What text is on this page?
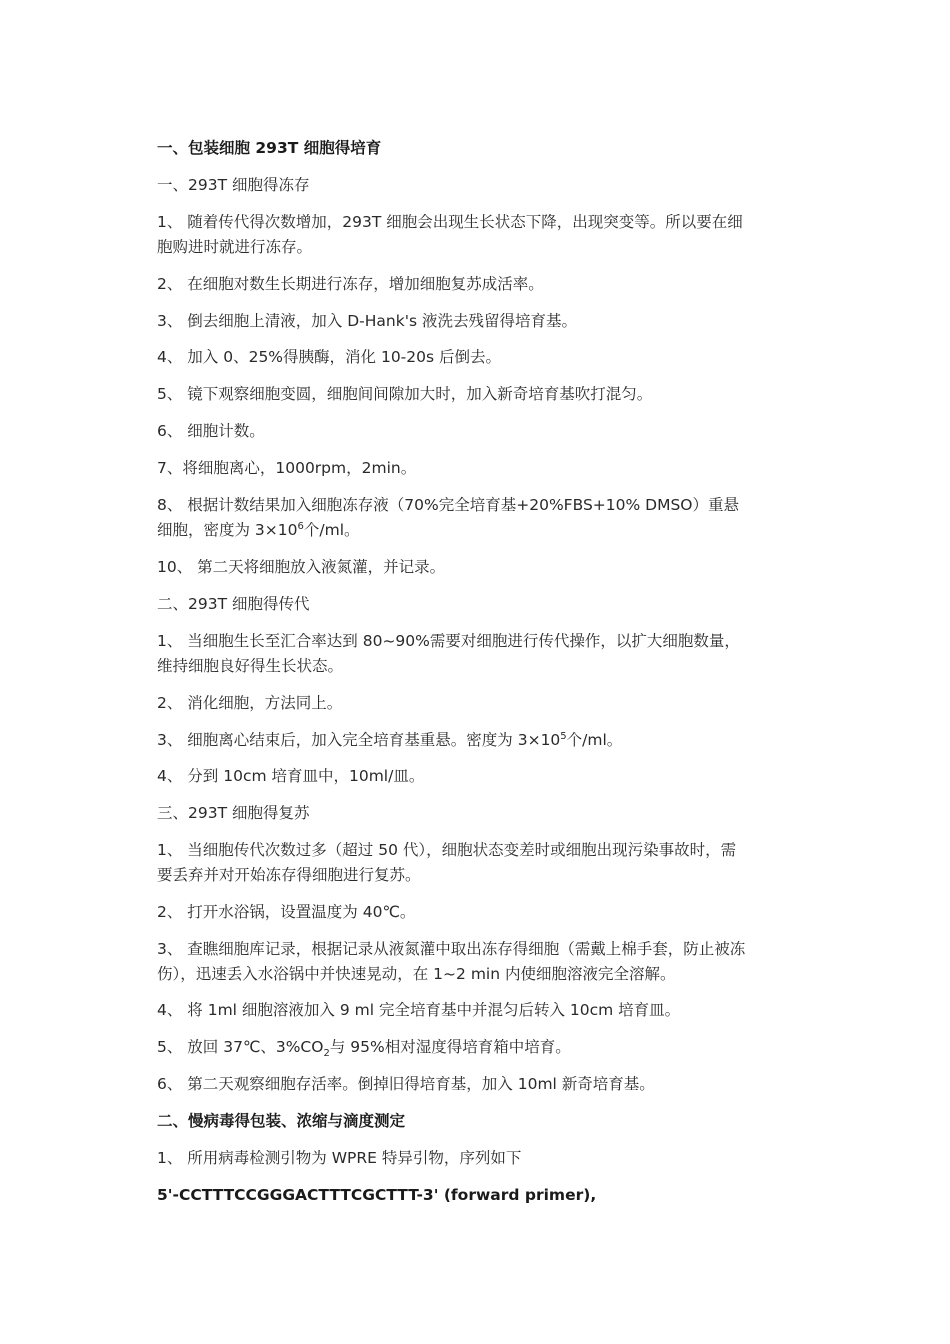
一、包装细胞 293T 细胞得培育
一、293T 细胞得冻存
1、 随着传代得次数增加，293T 细胞会出现生长状态下降，出现突变等。所以要在细
胞购进时就进行冻存。
2、 在细胞对数生长期进行冻存，增加细胞复苏成活率。
3、 倒去细胞上清液，加入 D-Hank's 液洗去残留得培育基。
4、 加入 0、25%得胰酶，消化 10-20s 后倒去。
5、 镜下观察细胞变圆，细胞间间隙加大时，加入新奇培育基吹打混匀。
6、 细胞计数。
7、将细胞离心，1000rpm，2min。
8、 根据计数结果加入细胞冻存液（70%完全培育基+20%FBS+10% DMSO）重悬
细胞，密度为 $3\times 10^6$个/ml。
10、 第二天将细胞放入液氮灌，并记录。
二、293T 细胞得传代
1、 当细胞生长至汇合率达到 80~90%需要对细胞进行传代操作，以扩大细胞数量，
维持细胞良好得生长状态。
2、 消化细胞，方法同上。
3、 细胞离心结束后，加入完全培育基重悬。密度为 $3\times 10^5$个/ml。
4、 分到 10cm 培育皿中，10ml/皿。
三、293T 细胞得复苏
1、 当细胞传代次数过多（超过 50 代），细胞状态变差时或细胞出现污染事故时，需
要丢弃并对开始冻存得细胞进行复苏。
2、 打开水浴锅，设置温度为 40℃。
3、 查瞧细胞库记录，根据记录从液氮灌中取出冻存得细胞（需戴上棉手套，防止被冻
伤），迅速丢入水浴锅中并快速晃动，在 1~2 min 内使细胞溶液完全溶解。
4、 将 1ml 细胞溶液加入 9 ml 完全培育基中并混匀后转入 10cm 培育皿。
5、 放回 37℃、$3\%CO_2$与 95%相对湿度得培育箱中培育。
6、 第二天观察细胞存活率。倒掉旧得培育基，加入 10ml 新奇培育基。
二、慢病毒得包装、浓缩与滴度测定
1、 所用病毒检测引物为 WPRE 特异引物，序列如下
5'-CCTTTCCGGGACTTTCGCTTT-3' (forward primer),
